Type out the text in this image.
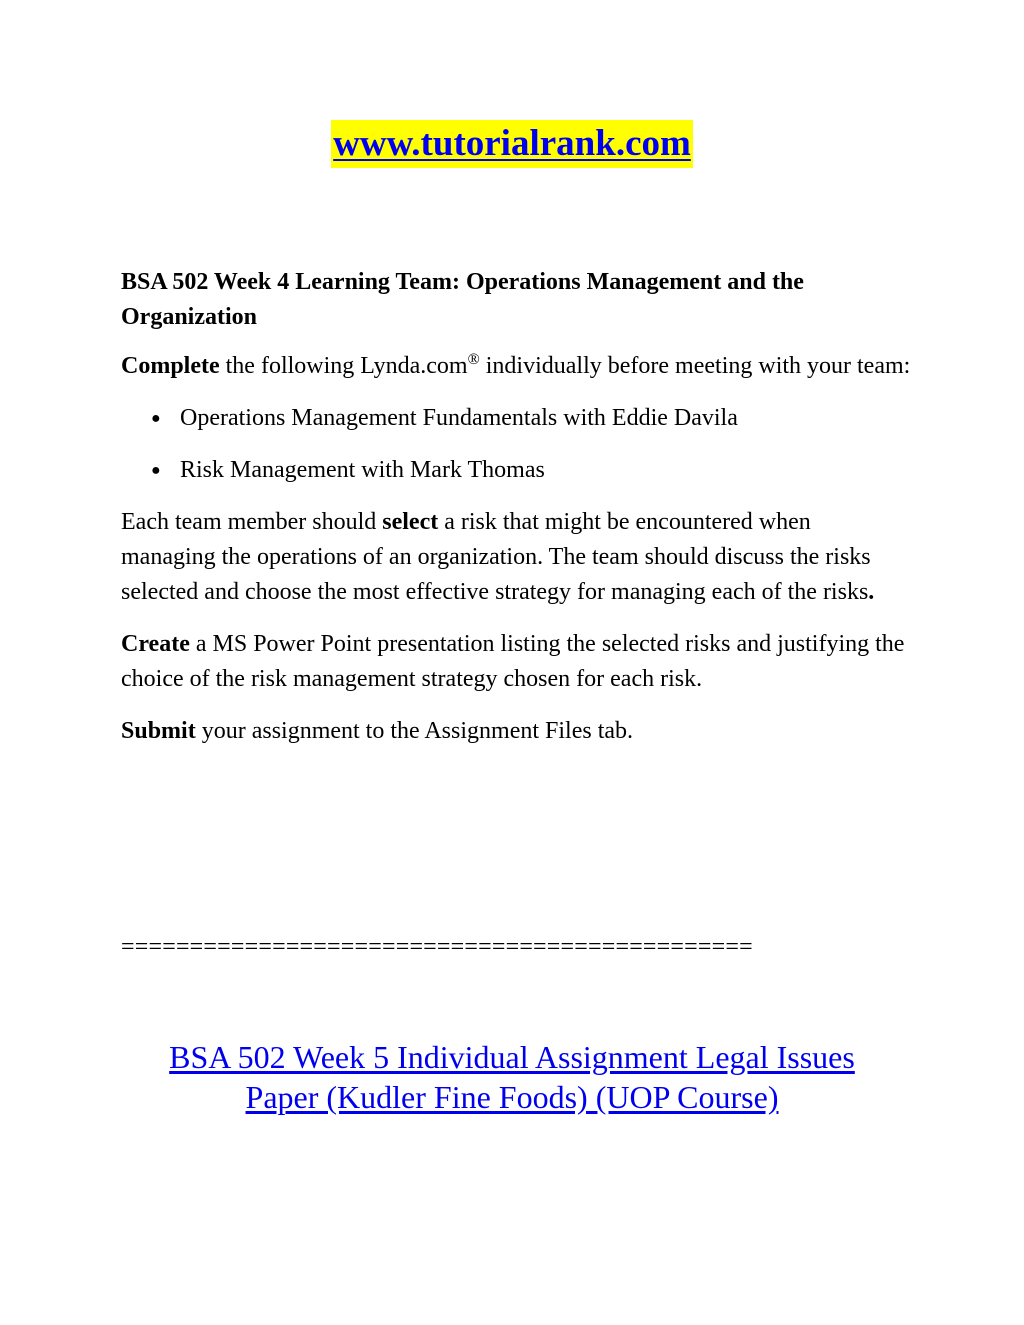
www.tutorialrank.com
BSA 502 Week 4 Learning Team: Operations Management and the Organization

Complete the following Lynda.com® individually before meeting with your team:

● Operations Management Fundamentals with Eddie Davila
● Risk Management with Mark Thomas

Each team member should select a risk that might be encountered when managing the operations of an organization. The team should discuss the risks selected and choose the most effective strategy for managing each of the risks.

Create a MS Power Point presentation listing the selected risks and justifying the choice of the risk management strategy chosen for each risk.

Submit your assignment to the Assignment Files tab.

==============================================
BSA 502 Week 5 Individual Assignment Legal Issues
Paper (Kudler Fine Foods) (UOP Course)
